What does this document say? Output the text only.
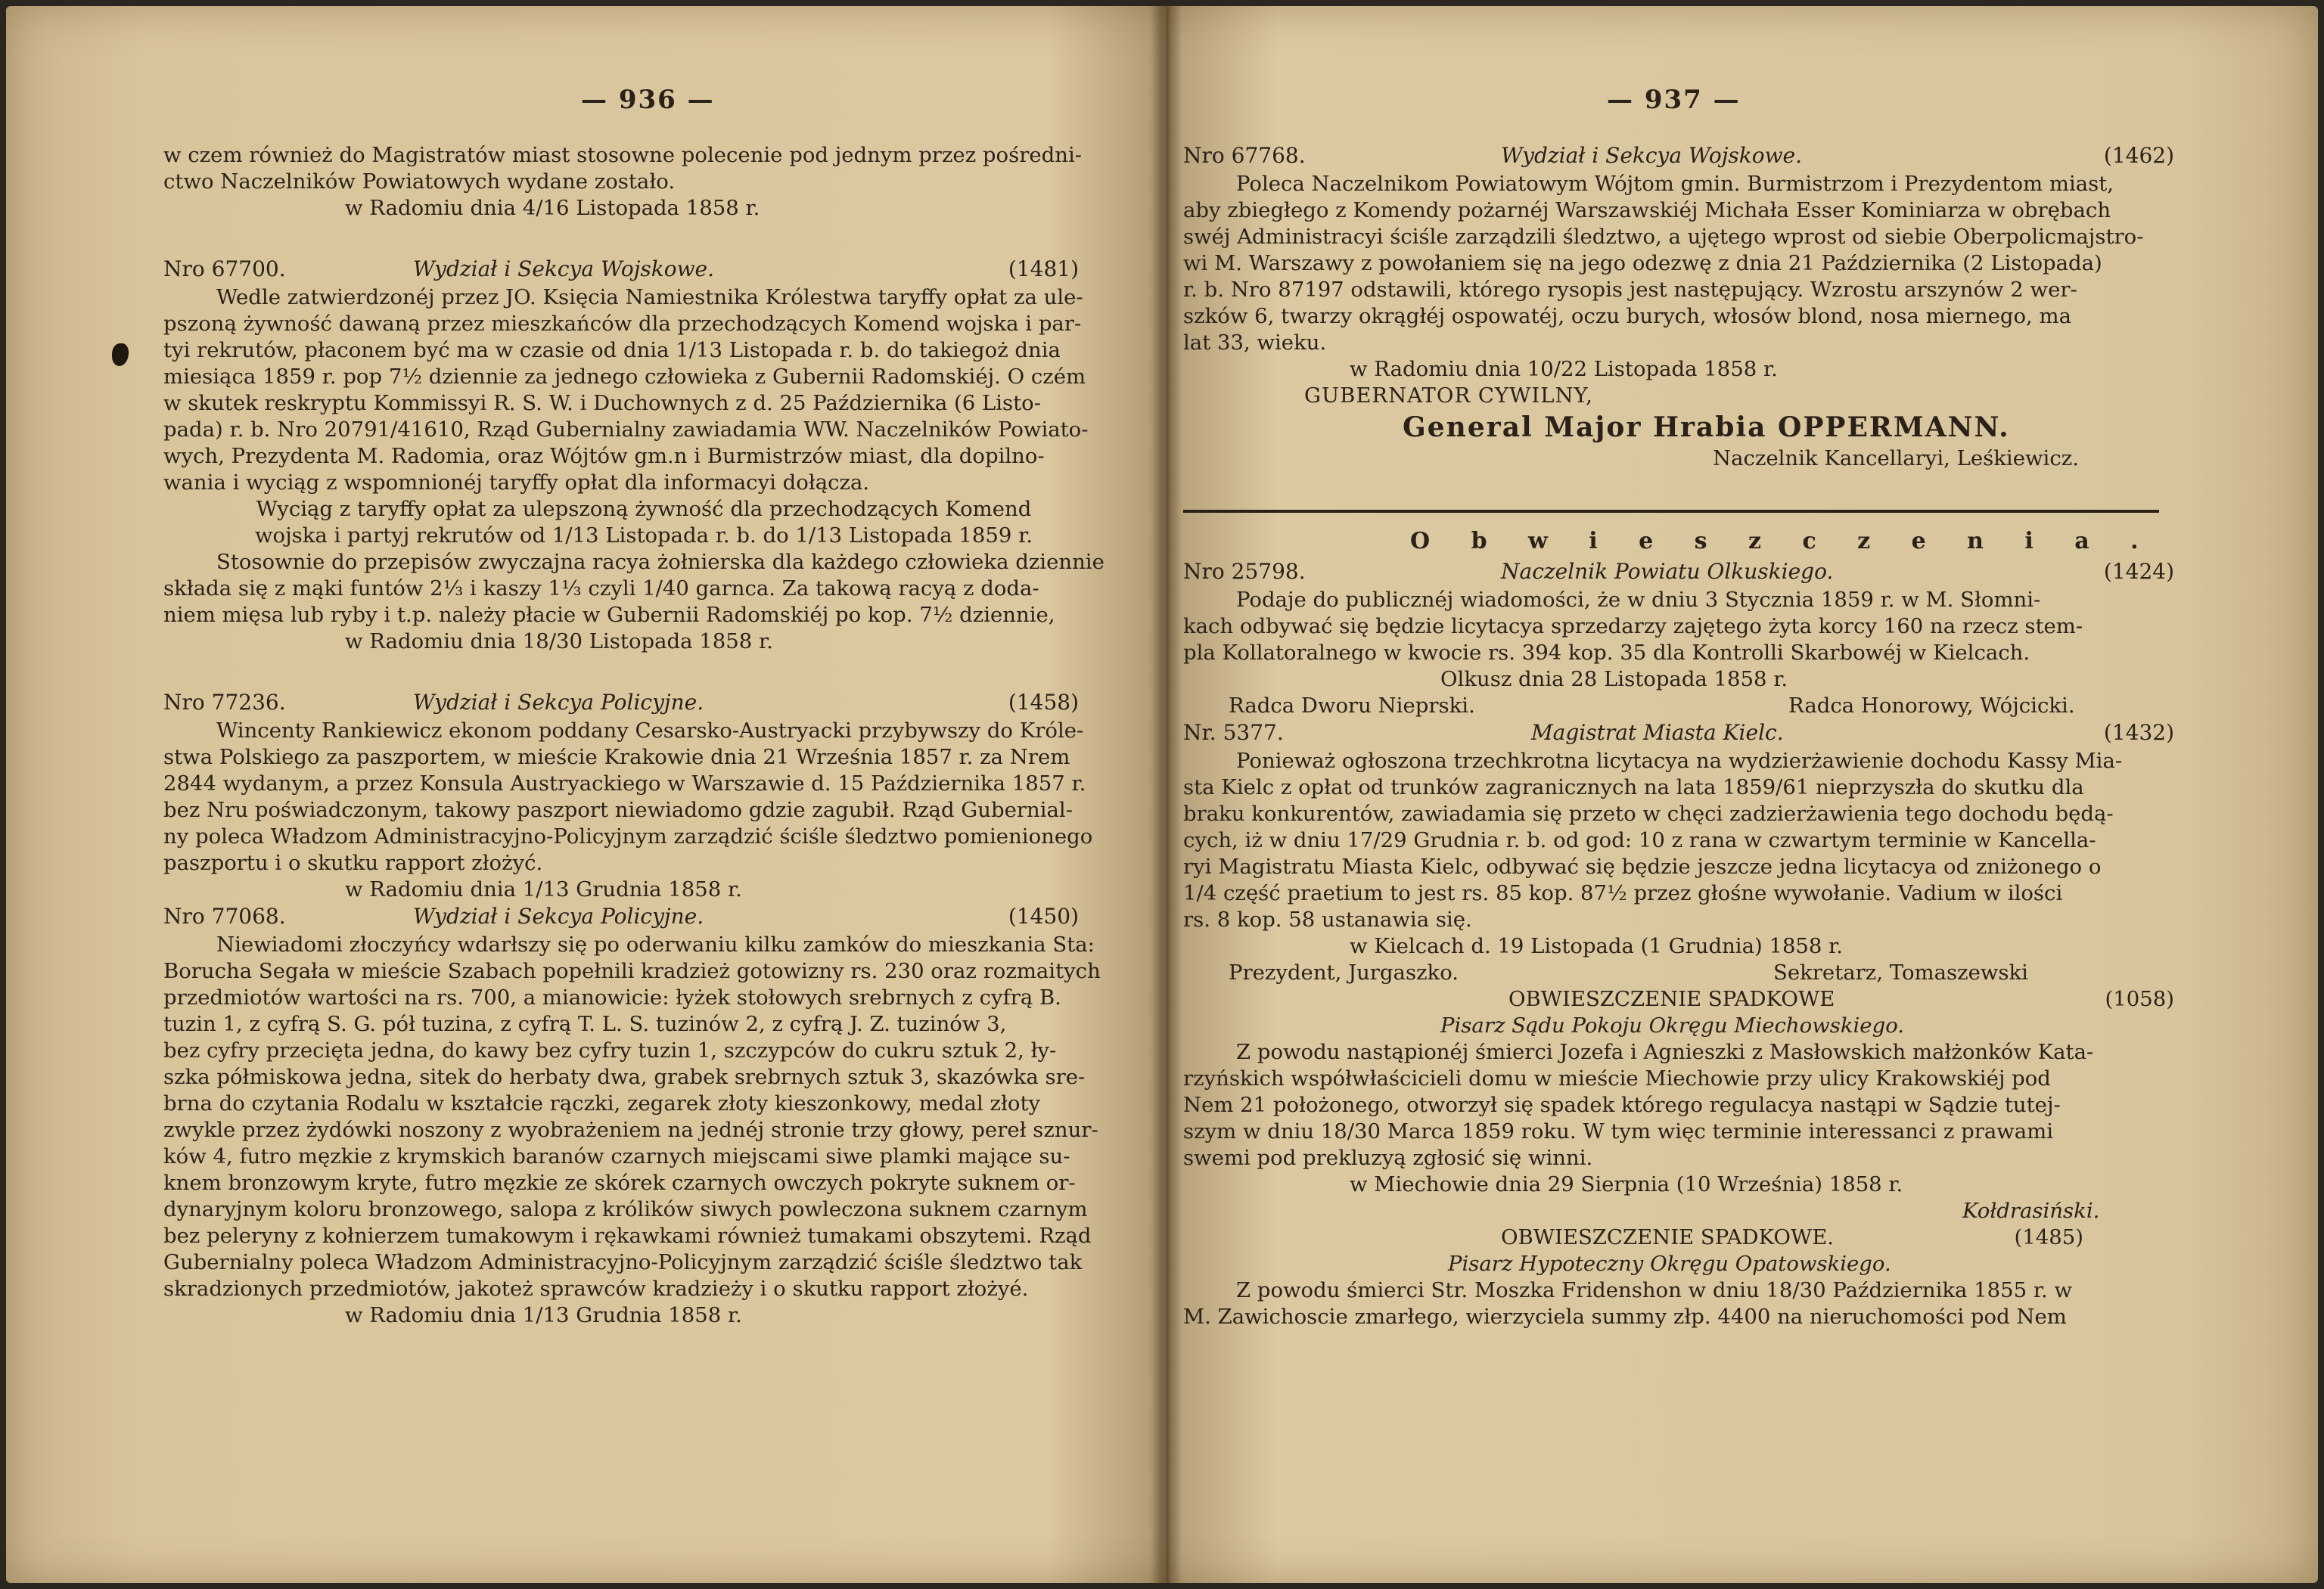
— 936 —
w czem również do Magistratów miast stosowne polecenie pod jednym przez pośredni-
ctwo Naczelników Powiatowych wydane zostało.
w Radomiu dnia 4/16 Listopada 1858 r.
Nro 67700.	Wydział i Sekcya Wojskowe.	(1481)
Wedle zatwierdzonéj przez JO. Księcia Namiestnika Królestwa taryffy opłat za ule-
pszoną żywność dawaną przez mieszkańców dla przechodzących Komend wojska i par-
tyi rekrutów, płaconem być ma w czasie od dnia 1/13 Listopada r. b. do takiegoż dnia
miesiąca 1859 r. pop 7½ dziennie za jednego człowieka z Gubernii Radomskiéj. O czém
w skutek reskryptu Kommissyi R. S. W. i Duchownych z d. 25 Października (6 Listo-
pada) r. b. Nro 20791/41610, Rząd Gubernialny zawiadamia WW. Naczelników Powiato-
wych, Prezydenta M. Radomia, oraz Wójtów gm.n i Burmistrzów miast, dla dopilno-
wania i wyciąg z wspomnionéj taryffy opłat dla informacyi dołącza.
Wyciąg z taryffy opłat za ulepszoną żywność dla przechodzących Komend
wojska i partyj rekrutów od 1/13 Listopada r. b. do 1/13 Listopada 1859 r.
Stosownie do przepisów zwyczajna racya żołnierska dla każdego człowieka dziennie
składa się z mąki funtów 2⅓ i kaszy 1⅓ czyli 1/40 garnca. Za takową racyą z doda-
niem mięsa lub ryby i t.p. należy płacie w Gubernii Radomskiéj po kop. 7½ dziennie,
w Radomiu dnia 18/30 Listopada 1858 r.
Nro 77236.	Wydział i Sekcya Policyjne.	(1458)
Wincenty Rankiewicz ekonom poddany Cesarsko-Austryacki przybywszy do Króle-
stwa Polskiego za paszportem, w mieście Krakowie dnia 21 Września 1857 r. za Nrem
2844 wydanym, a przez Konsula Austryackiego w Warszawie d. 15 Października 1857 r.
bez Nru poświadczonym, takowy paszport niewiadomo gdzie zagubił. Rząd Gubernial-
ny poleca Władzom Administracyjno-Policyjnym zarządzić ściśle śledztwo pomienionego
paszportu i o skutku rapport złożyć.
w Radomiu dnia 1/13 Grudnia 1858 r.
Nro 77068.	Wydział i Sekcya Policyjne.	(1450)
Niewiadomi złoczyńcy wdarłszy się po oderwaniu kilku zamków do mieszkania Sta:
Borucha Segała w mieście Szabach popełnili kradzież gotowizny rs. 230 oraz rozmaitych
przedmiotów wartości na rs. 700, a mianowicie: łyżek stołowych srebrnych z cyfrą B.
tuzin 1, z cyfrą S. G. pół tuzina, z cyfrą T. L. S. tuzinów 2, z cyfrą J. Z. tuzinów 3,
bez cyfry przecięta jedna, do kawy bez cyfry tuzin 1, szczypców do cukru sztuk 2, ły-
szka półmiskowa jedna, sitek do herbaty dwa, grabek srebrnych sztuk 3, skazówka sre-
brna do czytania Rodalu w kształcie rączki, zegarek złoty kieszonkowy, medal złoty
zwykle przez żydówki noszony z wyobrażeniem na jednéj stronie trzy głowy, pereł sznur-
ków 4, futro męzkie z krymskich baranów czarnych miejscami siwe plamki mające su-
knem bronzowym kryte, futro męzkie ze skórek czarnych owczych pokryte suknem or-
dynaryjnym koloru bronzowego, salopa z królików siwych powleczona suknem czarnym
bez peleryny z kołnierzem tumakowym i rękawkami również tumakami obszytemi. Rząd
Gubernialny poleca Władzom Administracyjno-Policyjnym zarządzić ściśle śledztwo tak
skradzionych przedmiotów, jakoteż sprawców kradzieży i o skutku rapport złożyé.
w Radomiu dnia 1/13 Grudnia 1858 r.
— 937 —
Nro 67768.	Wydział i Sekcya Wojskowe.	(1462)
Poleca Naczelnikom Powiatowym Wójtom gmin. Burmistrzom i Prezydentom miast,
aby zbiegłego z Komendy pożarnéj Warszawskiéj Michała Esser Kominiarza w obrębach
swéj Administracyi ściśle zarządzili śledztwo, a ujętego wprost od siebie Oberpolicmajstro-
wi M. Warszawy z powołaniem się na jego odezwę z dnia 21 Października (2 Listopada)
r. b. Nro 87197 odstawili, którego rysopis jest następujący. Wzrostu arszynów 2 wer-
szków 6, twarzy okrągłéj ospowatéj, oczu burych, włosów blond, nosa miernego, ma
lat 33, wieku.
w Radomiu dnia 10/22 Listopada 1858 r.
GUBERNATOR CYWILNY,
General Major Hrabia OPPERMANN.
Naczelnik Kancellaryi, Leśkiewicz.
O b w i e s z c z e n i a .
Nro 25798.	Naczelnik Powiatu Olkuskiego.	(1424)
Podaje do publicznéj wiadomości, że w dniu 3 Stycznia 1859 r. w M. Słomni-
kach odbywać się będzie licytacya sprzedarzy zajętego żyta korcy 160 na rzecz stem-
pla Kollatoralnego w kwocie rs. 394 kop. 35 dla Kontrolli Skarbowéj w Kielcach.
Olkusz dnia 28 Listopada 1858 r.
Radca Dworu Nieprski.	Radca Honorowy, Wójcicki.
Nr. 5377.	Magistrat Miasta Kielc.	(1432)
Ponieważ ogłoszona trzechkrotna licytacya na wydzierżawienie dochodu Kassy Mia-
sta Kielc z opłat od trunków zagranicznych na lata 1859/61 nieprzyszła do skutku dla
braku konkurentów, zawiadamia się przeto w chęci zadzierżawienia tego dochodu będą-
cych, iż w dniu 17/29 Grudnia r. b. od god: 10 z rana w czwartym terminie w Kancella-
ryi Magistratu Miasta Kielc, odbywać się będzie jeszcze jedna licytacya od zniżonego o
1/4 część praetium to jest rs. 85 kop. 87½ przez głośne wywołanie. Vadium w ilości
rs. 8 kop. 58 ustanawia się.
w Kielcach d. 19 Listopada (1 Grudnia) 1858 r.
Prezydent, Jurgaszko.	Sekretarz, Tomaszewski
OBWIESZCZENIE SPADKOWE	(1058)
Pisarz Sądu Pokoju Okręgu Miechowskiego.
Z powodu nastąpionéj śmierci Jozefa i Agnieszki z Masłowskich małżonków Kata-
rzyńskich współwłaścicieli domu w mieście Miechowie przy ulicy Krakowskiéj pod
Nem 21 położonego, otworzył się spadek którego regulacya nastąpi w Sądzie tutej-
szym w dniu 18/30 Marca 1859 roku. W tym więc terminie interessanci z prawami
swemi pod prekluzyą zgłosić się winni.
w Miechowie dnia 29 Sierpnia (10 Września) 1858 r.
Kołdrasiński.
OBWIESZCZENIE SPADKOWE.	(1485)
Pisarz Hypoteczny Okręgu Opatowskiego.
Z powodu śmierci Str. Moszka Fridenshon w dniu 18/30 Października 1855 r. w
M. Zawichoscie zmarłego, wierzyciela summy złp. 4400 na nieruchomości pod Nem
